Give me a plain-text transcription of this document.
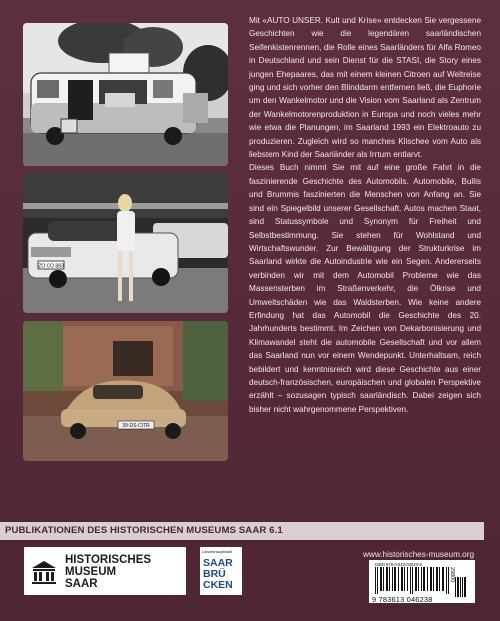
ZO CO 883
39-DS-CITR

Mit «AUTO UNSER. Kult und Krise» entdecken Sie vergessene Geschichten wie die legendären saarländischen Seifenkistenrennen, die Rolle eines Saarländers für Alfa Romeo in Deutschland und sein Dienst für die STASI, die Story eines jungen Ehepaares, das mit einem kleinen Citroen auf Weltreise ging und sich vorher den Blinddarm entfernen ließ, die Euphorie um den Wankelmotor und die Vision vom Saarland als Zentrum der Wankelmotorenproduktion in Europa und noch vieles mehr wie etwa die Planungen, im Saarland 1993 ein Elektroauto zu produzieren. Zugleich wird so manches Klischee vom Auto als liebstem Kind der Saarländer als Irrtum entlarvt.

Dieses Buch nimmt Sie mit auf eine große Fahrt in die faszinierende Geschichte des Automobils. Automobile, Bullis und Brummis faszinierten die Menschen von Anfang an. Sie sind ein Spiegelbild unserer Gesellschaft. Autos machen Staat, sind Statussymbole und Synonym für Freiheit und Selbstbestimmung. Sie stehen für Wohlstand und Wirtschaftswunder. Zur Bewältigung der Strukturkrise im Saarland wirkte die Autoindustrie wie ein Segen. Andererseits verbinden wir mit dem Automobil Probleme wie das Massensterben im Straßenverkehr, die Ölkrise und Umweltschäden wie das Waldsterben. Wie keine andere Erfindung hat das Automobil die Geschichte des 20. Jahrhunderts bestimmt. Im Zeichen von Dekarbonisierung und Klimawandel steht die automobile Gesellschaft und vor allem das Saarland nun vor einem Wendepunkt. Unterhaltsam, reich bebildert und kenntnisreich wird diese Geschichte aus einer deutsch-französischen, europäischen und globalen Perspektive erzählt – sozusagen typisch saarländisch. Dabei zeigen sich bisher nicht wahrgenommene Perspektiven.

PUBLIKATIONEN DES HISTORISCHEN MUSEUMS SAAR 6.1
HISTORISCHES
MUSEUM
SAAR
Landeshauptstadt
SAAR
BRÜ
CKEN
www.historisches-museum.org
ISBN 978-3-613-04623-8
9 783613 046238
29800
